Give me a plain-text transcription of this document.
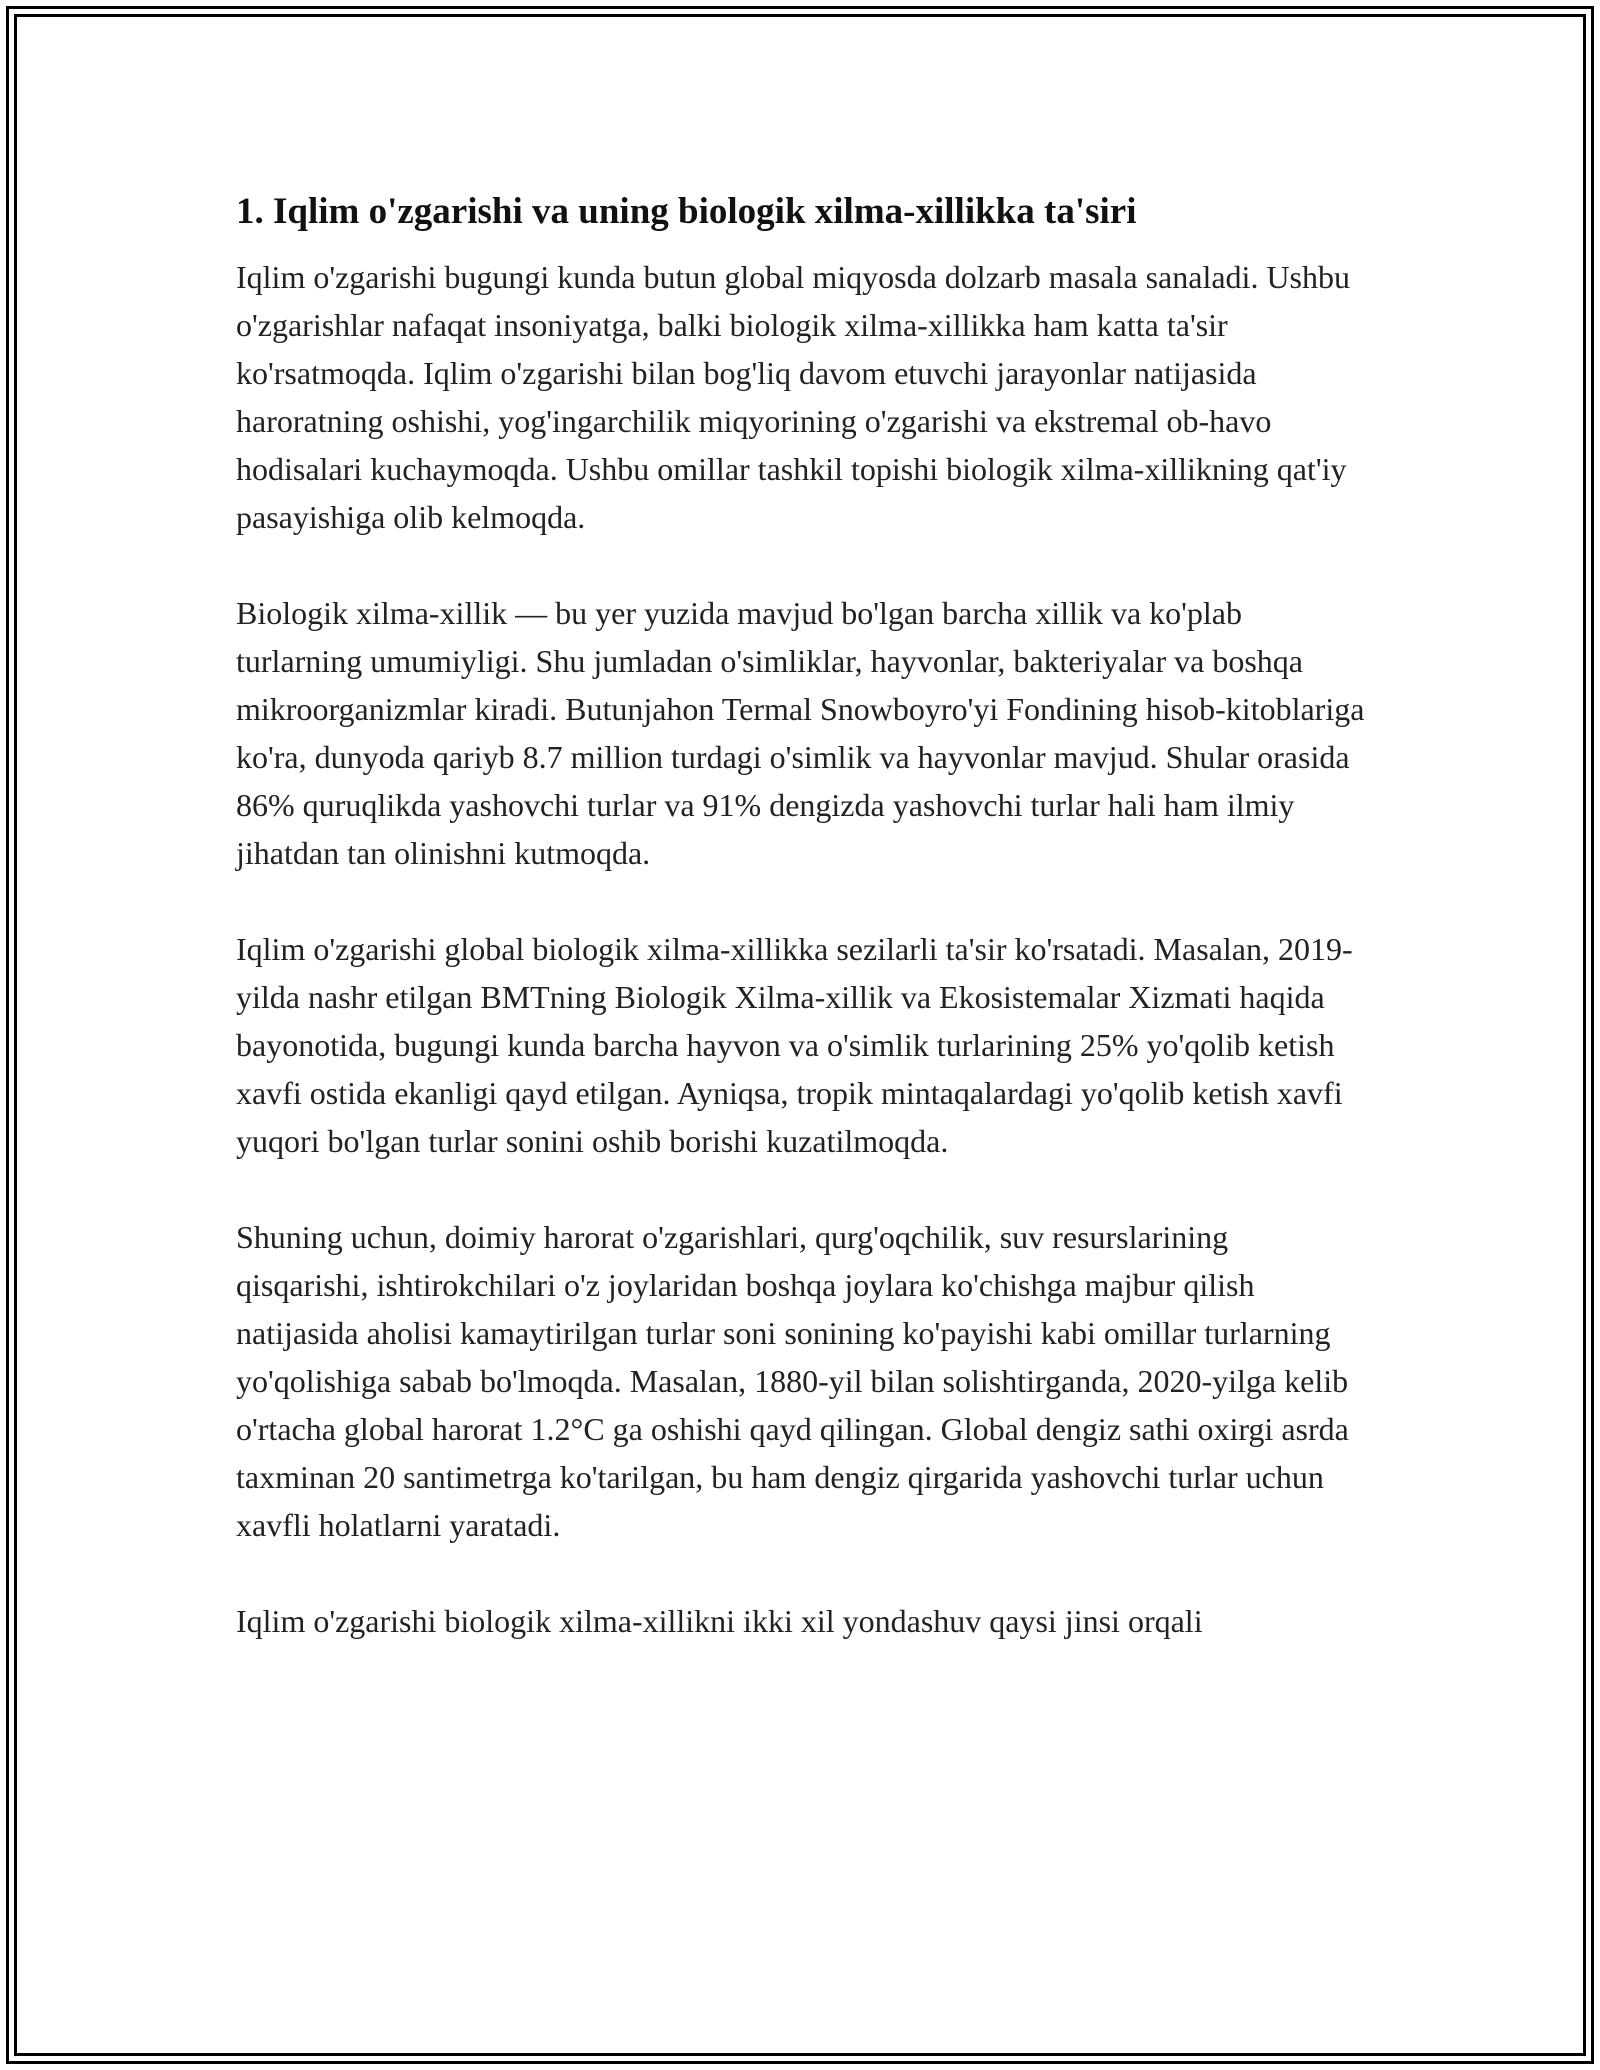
1. Iqlim o'zgarishi va uning biologik xilma-xillikka ta'siri

Iqlim o'zgarishi bugungi kunda butun global miqyosda dolzarb masala sanaladi. Ushbu o'zgarishlar nafaqat insoniyatga, balki biologik xilma-xillikka ham katta ta'sir ko'rsatmoqda. Iqlim o'zgarishi bilan bog'liq davom etuvchi jarayonlar natijasida haroratning oshishi, yog'ingarchilik miqyorining o'zgarishi va ekstremal ob-havo hodisalari kuchaymoqda. Ushbu omillar tashkil topishi biologik xilma-xillikning qat'iy pasayishiga olib kelmoqda.

Biologik xilma-xillik — bu yer yuzida mavjud bo'lgan barcha xillik va ko'plab turlarning umumiyligi. Shu jumladan o'simliklar, hayvonlar, bakteriyalar va boshqa mikroorganizmlar kiradi. Butunjahon Termal Snowboyro'yi Fondining hisob-kitoblariga ko'ra, dunyoda qariyb 8.7 million turdagi o'simlik va hayvonlar mavjud. Shular orasida 86% quruqlikda yashovchi turlar va 91% dengizda yashovchi turlar hali ham ilmiy jihatdan tan olinishni kutmoqda.

Iqlim o'zgarishi global biologik xilma-xillikka sezilarli ta'sir ko'rsatadi. Masalan, 2019-yilda nashr etilgan BMTning Biologik Xilma-xillik va Ekosistemalar Xizmati haqida bayonotida, bugungi kunda barcha hayvon va o'simlik turlarining 25% yo'qolib ketish xavfi ostida ekanligi qayd etilgan. Ayniqsa, tropik mintaqalardagi yo'qolib ketish xavfi yuqori bo'lgan turlar sonini oshib borishi kuzatilmoqda.

Shuning uchun, doimiy harorat o'zgarishlari, qurg'oqchilik, suv resurslarining qisqarishi, ishtirokchilari o'z joylaridan boshqa joylara ko'chishga majbur qilish natijasida aholisi kamaytirilgan turlar soni sonining ko'payishi kabi omillar turlarning yo'qolishiga sabab bo'lmoqda. Masalan, 1880-yil bilan solishtirganda, 2020-yilga kelib o'rtacha global harorat 1.2°C ga oshishi qayd qilingan. Global dengiz sathi oxirgi asrda taxminan 20 santimetrga ko'tarilgan, bu ham dengiz qirgarida yashovchi turlar uchun xavfli holatlarni yaratadi.

Iqlim o'zgarishi biologik xilma-xillikni ikki xil yondashuv qaysi jinsi orqali
